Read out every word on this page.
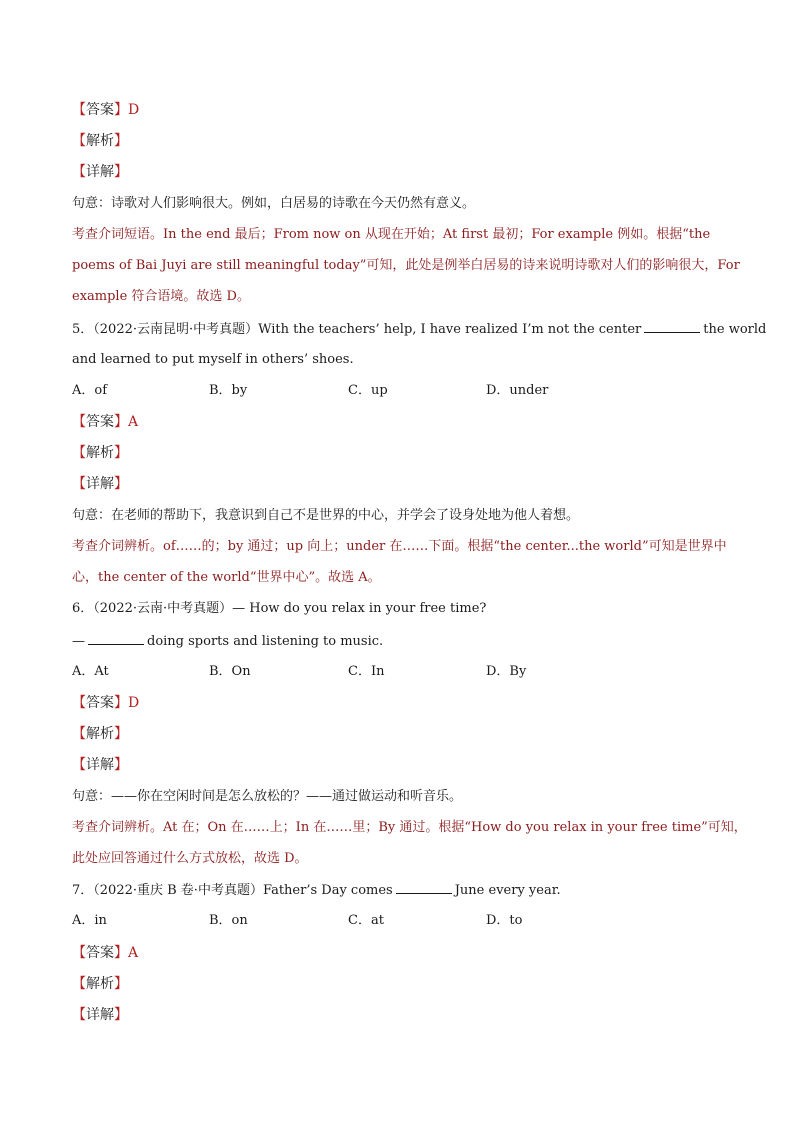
【答案】D
【解析】
【详解】
句意：诗歌对人们影响很大。例如，白居易的诗歌在今天仍然有意义。
考查介词短语。In the end 最后；From now on 从现在开始；At first 最初；For example 例如。根据“the
poems of Bai Juyi are still meaningful today”可知，此处是例举白居易的诗来说明诗歌对人们的影响很大，For
example 符合语境。故选 D。
5．（2022·云南昆明·中考真题）With the teachers’ help, I have realized I’m not the center	the world
and learned to put myself in others’ shoes.
A．of	B．by	C．up	D．under
【答案】A
【解析】
【详解】
句意：在老师的帮助下，我意识到自己不是世界的中心，并学会了设身处地为他人着想。
考查介词辨析。of……的；by 通过；up 向上；under 在……下面。根据“the center...the world”可知是世界中
心，the center of the world“世界中心”。故选 A。
6．（2022·云南·中考真题）— How do you relax in your free time?
—	doing sports and listening to music.
A．At	B．On	C．In	D．By
【答案】D
【解析】
【详解】
句意：——你在空闲时间是怎么放松的？——通过做运动和听音乐。
考查介词辨析。At 在；On 在……上；In 在……里；By 通过。根据“How do you relax in your free time”可知，
此处应回答通过什么方式放松，故选 D。
7．（2022·重庆 B 卷·中考真题）Father’s Day comes	June every year.
A．in	B．on	C．at	D．to
【答案】A
【解析】
【详解】
